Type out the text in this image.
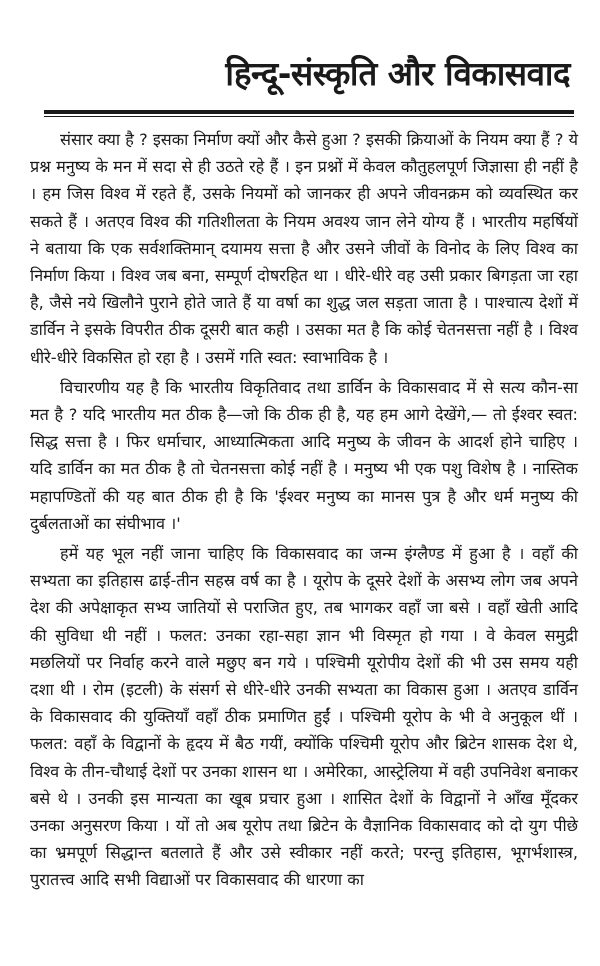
हिन्दू-संस्कृति और विकासवाद

संसार क्या है ? इसका निर्माण क्यों और कैसे हुआ ? इसकी क्रियाओं के नियम क्या हैं ? ये प्रश्न मनुष्य के मन में सदा से ही उठते रहे हैं । इन प्रश्नों में केवल कौतुहलपूर्ण जिज्ञासा ही नहीं है । हम जिस विश्व में रहते हैं, उसके नियमों को जानकर ही अपने जीवनक्रम को व्यवस्थित कर सकते हैं । अतएव विश्व की गतिशीलता के नियम अवश्य जान लेने योग्य हैं । भारतीय महर्षियों ने बताया कि एक सर्वशक्तिमान् दयामय सत्ता है और उसने जीवों के विनोद के लिए विश्व का निर्माण किया । विश्व जब बना, सम्पूर्ण दोषरहित था । धीरे-धीरे वह उसी प्रकार बिगड़ता जा रहा है, जैसे नये खिलौने पुराने होते जाते हैं या वर्षा का शुद्ध जल सड़ता जाता है । पाश्चात्य देशों में डार्विन ने इसके विपरीत ठीक दूसरी बात कही । उसका मत है कि कोई चेतनसत्ता नहीं है । विश्व धीरे-धीरे विकसित हो रहा है । उसमें गति स्वत: स्वाभाविक है ।

विचारणीय यह है कि भारतीय विकृतिवाद तथा डार्विन के विकासवाद में से सत्य कौन-सा मत है ? यदि भारतीय मत ठीक है—जो कि ठीक ही है, यह हम आगे देखेंगे,— तो ईश्वर स्वत: सिद्ध सत्ता है । फिर धर्माचार, आध्यात्मिकता आदि मनुष्य के जीवन के आदर्श होने चाहिए । यदि डार्विन का मत ठीक है तो चेतनसत्ता कोई नहीं है । मनुष्य भी एक पशु विशेष है । नास्तिक महापण्डितों की यह बात ठीक ही है कि 'ईश्वर मनुष्य का मानस पुत्र है और धर्म मनुष्य की दुर्बलताओं का संघीभाव ।'

हमें यह भूल नहीं जाना चाहिए कि विकासवाद का जन्म इंग्लैण्ड में हुआ है । वहाँ की सभ्यता का इतिहास ढाई-तीन सहस्र वर्ष का है । यूरोप के दूसरे देशों के असभ्य लोग जब अपने देश की अपेक्षाकृत सभ्य जातियों से पराजित हुए, तब भागकर वहाँ जा बसे । वहाँ खेती आदि की सुविधा थी नहीं । फलत: उनका रहा-सहा ज्ञान भी विस्मृत हो गया । वे केवल समुद्री मछलियों पर निर्वाह करने वाले मछुए बन गये । पश्चिमी यूरोपीय देशों की भी उस समय यही दशा थी । रोम (इटली) के संसर्ग से धीरे-धीरे उनकी सभ्यता का विकास हुआ । अतएव डार्विन के विकासवाद की युक्तियाँ वहाँ ठीक प्रमाणित हुईं । पश्चिमी यूरोप के भी वे अनुकूल थीं । फलत: वहाँ के विद्वानों के हृदय में बैठ गयीं, क्योंकि पश्चिमी यूरोप और ब्रिटेन शासक देश थे, विश्व के तीन-चौथाई देशों पर उनका शासन था । अमेरिका, आस्ट्रेलिया में वही उपनिवेश बनाकर बसे थे । उनकी इस मान्यता का खूब प्रचार हुआ । शासित देशों के विद्वानों ने आँख मूँदकर उनका अनुसरण किया । यों तो अब यूरोप तथा ब्रिटेन के वैज्ञानिक विकासवाद को दो युग पीछे का भ्रमपूर्ण सिद्धान्त बतलाते हैं और उसे स्वीकार नहीं करते; परन्तु इतिहास, भूगर्भशास्त्र, पुरातत्त्व आदि सभी विद्याओं पर विकासवाद की धारणा का
